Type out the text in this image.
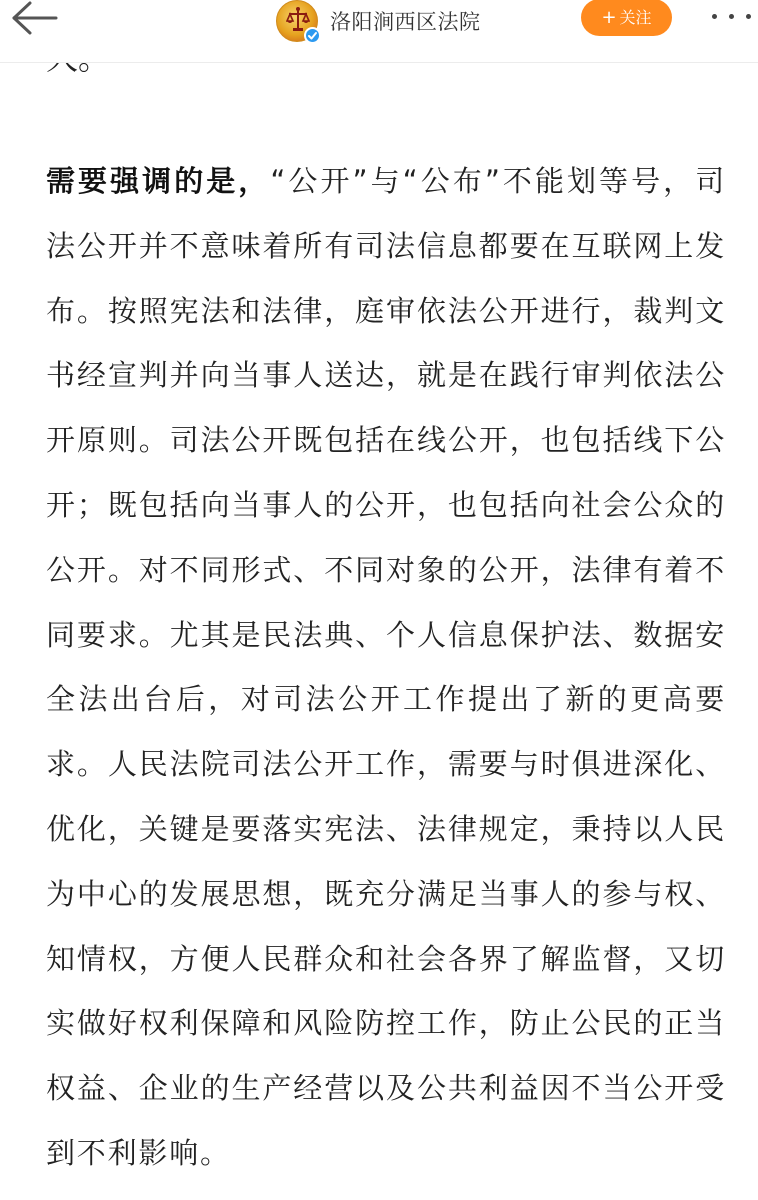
洛阳涧西区法院	+ 关注
需要强调的是，“公开”与“公布”不能划等号，司法公开并不意味着所有司法信息都要在互联网上发布。按照宪法和法律，庭审依法公开进行，裁判文书经宣判并向当事人送达，就是在践行审判依法公开原则。司法公开既包括在线公开，也包括线下公开；既包括向当事人的公开，也包括向社会公众的公开。对不同形式、不同对象的公开，法律有着不同要求。尤其是民法典、个人信息保护法、数据安全法出台后，对司法公开工作提出了新的更高要求。人民法院司法公开工作，需要与时俱进深化、优化，关键是要落实宪法、法律规定，秉持以人民为中心的发展思想，既充分满足当事人的参与权、知情权，方便人民群众和社会各界了解监督，又切实做好权利保障和风险防控工作，防止公民的正当权益、企业的生产经营以及公共利益因不当公开受到不利影响。
